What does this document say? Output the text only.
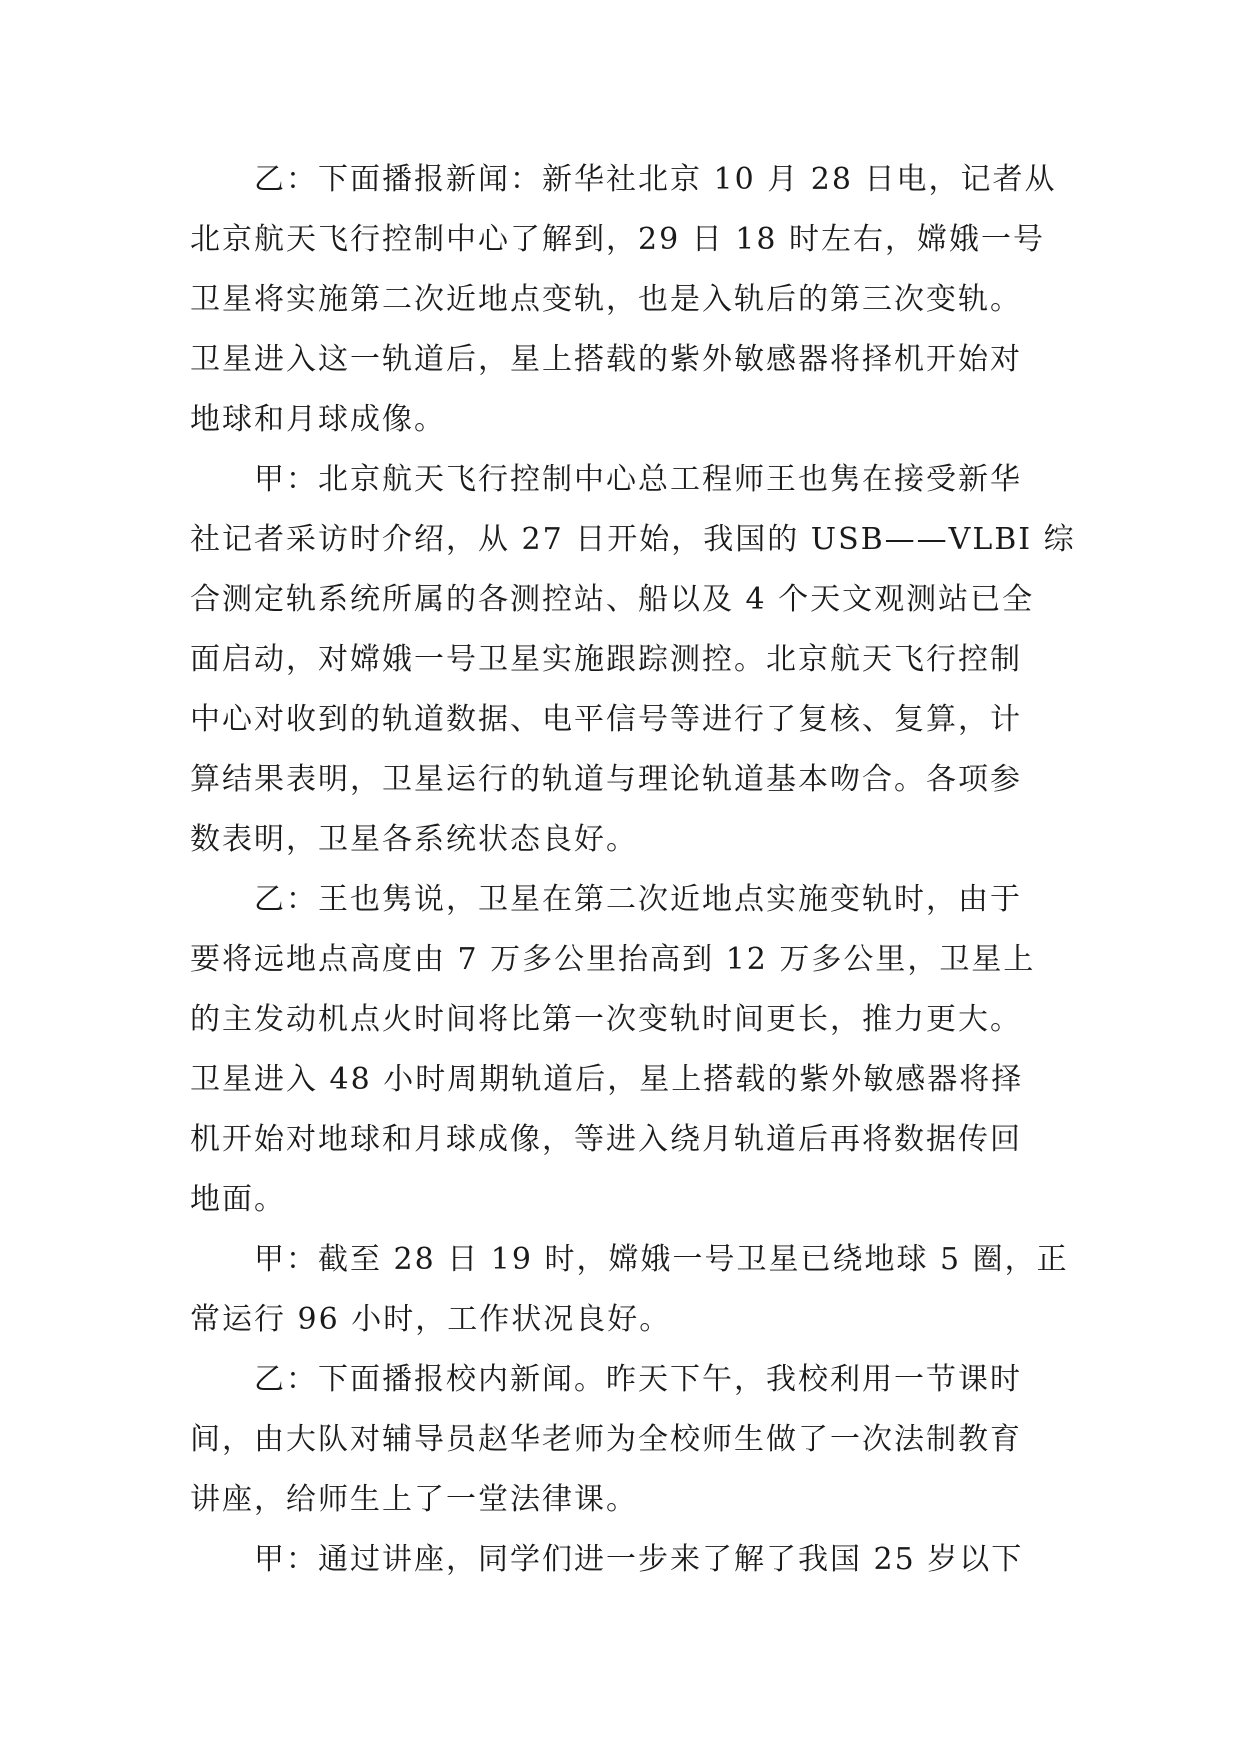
乙：下面播报新闻：新华社北京 10 月 28 日电，记者从
北京航天飞行控制中心了解到，29 日 18 时左右，嫦娥一号
卫星将实施第二次近地点变轨，也是入轨后的第三次变轨。
卫星进入这一轨道后，星上搭载的紫外敏感器将择机开始对
地球和月球成像。
甲：北京航天飞行控制中心总工程师王也隽在接受新华
社记者采访时介绍，从 27 日开始，我国的 USB——VLBI 综
合测定轨系统所属的各测控站、船以及 4 个天文观测站已全
面启动，对嫦娥一号卫星实施跟踪测控。北京航天飞行控制
中心对收到的轨道数据、电平信号等进行了复核、复算，计
算结果表明，卫星运行的轨道与理论轨道基本吻合。各项参
数表明，卫星各系统状态良好。
乙：王也隽说，卫星在第二次近地点实施变轨时，由于
要将远地点高度由 7 万多公里抬高到 12 万多公里，卫星上
的主发动机点火时间将比第一次变轨时间更长，推力更大。
卫星进入 48 小时周期轨道后，星上搭载的紫外敏感器将择
机开始对地球和月球成像，等进入绕月轨道后再将数据传回
地面。
甲：截至 28 日 19 时，嫦娥一号卫星已绕地球 5 圈，正
常运行 96 小时，工作状况良好。
乙：下面播报校内新闻。昨天下午，我校利用一节课时
间，由大队对辅导员赵华老师为全校师生做了一次法制教育
讲座，给师生上了一堂法律课。
甲：通过讲座，同学们进一步来了解了我国 25 岁以下
